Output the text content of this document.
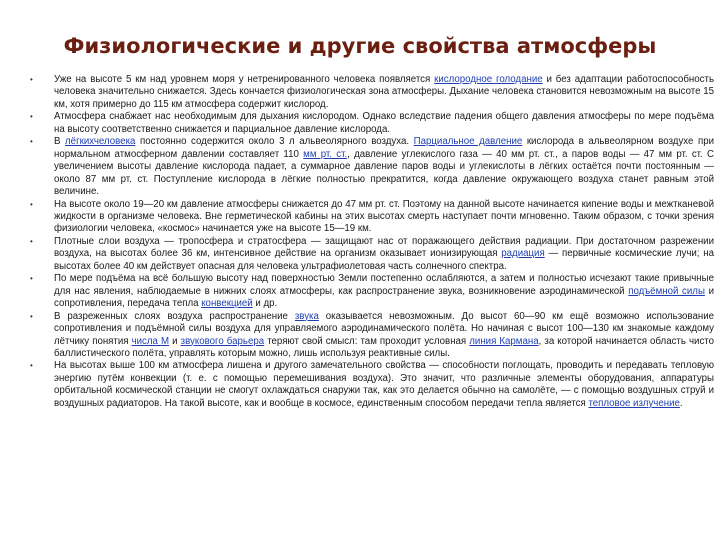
Физиологические и другие свойства атмосферы
• Уже на высоте 5 км над уровнем моря у нетренированного человека появляется кислородное голодание и без адаптации работоспособность человека значительно снижается. Здесь кончается физиологическая зона атмосферы. Дыхание человека становится невозможным на высоте 15 км, хотя примерно до 115 км атмосфера содержит кислород.
• Атмосфера снабжает нас необходимым для дыхания кислородом. Однако вследствие падения общего давления атмосферы по мере подъёма на высоту соответственно снижается и парциальное давление кислорода.
• В лёгкихчеловека постоянно содержится около 3 л альвеолярного воздуха. Парциальное давление кислорода в альвеолярном воздухе при нормальном атмосферном давлении составляет 110 мм рт. ст., давление углекислого газа — 40 мм рт. ст., а паров воды — 47 мм рт. ст. С увеличением высоты давление кислорода падает, а суммарное давление паров воды и углекислоты в лёгких остаётся почти постоянным — около 87 мм рт. ст. Поступление кислорода в лёгкие полностью прекратится, когда давление окружающего воздуха станет равным этой величине.
• На высоте около 19—20 км давление атмосферы снижается до 47 мм рт. ст. Поэтому на данной высоте начинается кипение воды и межтканевой жидкости в организме человека. Вне герметической кабины на этих высотах смерть наступает почти мгновенно. Таким образом, с точки зрения физиологии человека, «космос» начинается уже на высоте 15—19 км.
• Плотные слои воздуха — тропосфера и стратосфера — защищают нас от поражающего действия радиации. При достаточном разрежении воздуха, на высотах более 36 км, интенсивное действие на организм оказывает ионизирующая радиация — первичные космические лучи; на высотах более 40 км действует опасная для человека ультрафиолетовая часть солнечного спектра.
• По мере подъёма на всё большую высоту над поверхностью Земли постепенно ослабляются, а затем и полностью исчезают такие привычные для нас явления, наблюдаемые в нижних слоях атмосферы, как распространение звука, возникновение аэродинамической подъёмной силы и сопротивления, передача тепла конвекцией и др.
• В разреженных слоях воздуха распространение звука оказывается невозможным. До высот 60—90 км ещё возможно использование сопротивления и подъёмной силы воздуха для управляемого аэродинамического полёта. Но начиная с высот 100—130 км знакомые каждому лётчику понятия числа М и звукового барьера теряют свой смысл: там проходит условная линия Кармана, за которой начинается область чисто баллистического полёта, управлять которым можно, лишь используя реактивные силы.
• На высотах выше 100 км атмосфера лишена и другого замечательного свойства — способности поглощать, проводить и передавать тепловую энергию путём конвекции (т. е. с помощью перемешивания воздуха). Это значит, что различные элементы оборудования, аппаратуры орбитальной космической станции не смогут охлаждаться снаружи так, как это делается обычно на самолёте, — с помощью воздушных струй и воздушных радиаторов. На такой высоте, как и вообще в космосе, единственным способом передачи тепла является тепловое излучение.
